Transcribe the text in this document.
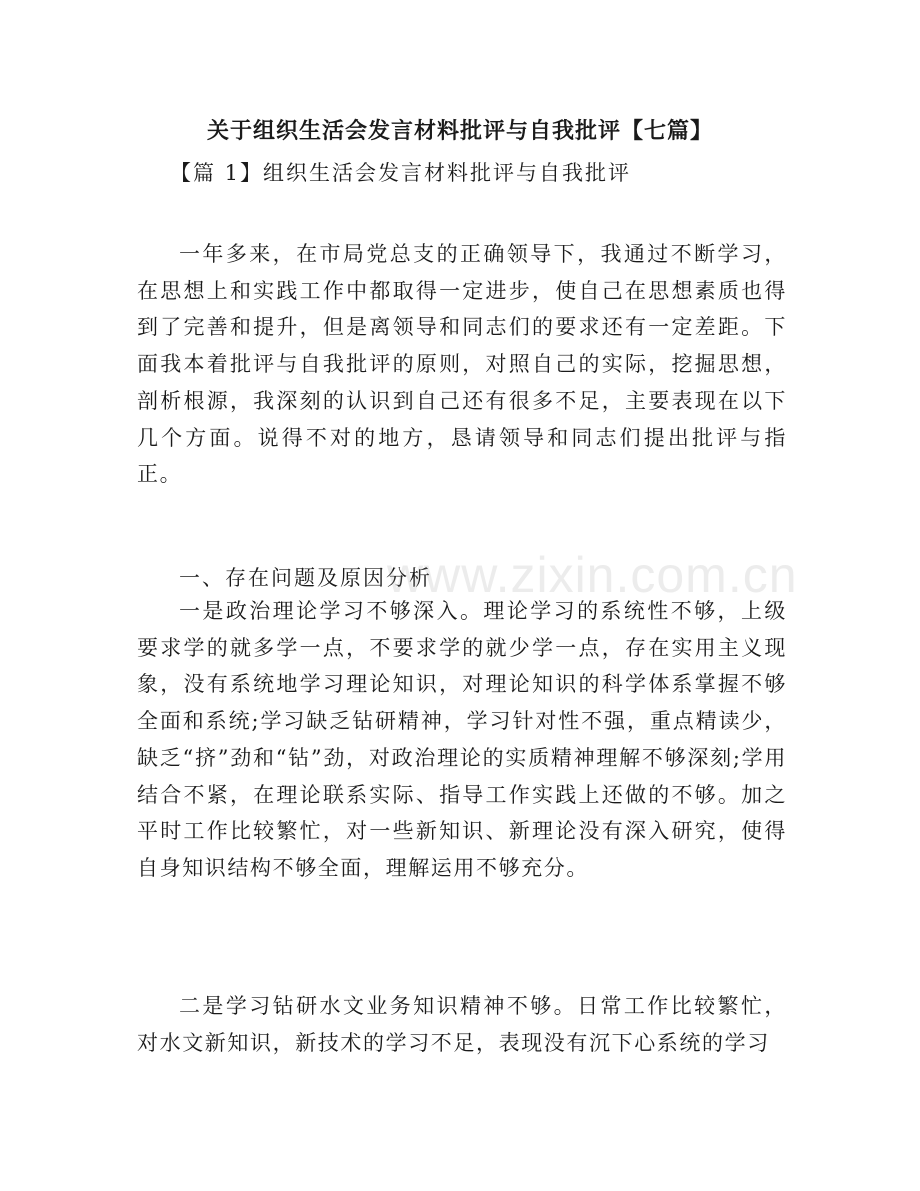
关于组织生活会发言材料批评与自我批评【七篇】

【篇 1】组织生活会发言材料批评与自我批评

一年多来，在市局党总支的正确领导下，我通过不断学习，在思想上和实践工作中都取得一定进步，使自己在思想素质也得到了完善和提升，但是离领导和同志们的要求还有一定差距。下面我本着批评与自我批评的原则，对照自己的实际，挖掘思想，剖析根源，我深刻的认识到自己还有很多不足，主要表现在以下几个方面。说得不对的地方，恳请领导和同志们提出批评与指正。

一、存在问题及原因分析

一是政治理论学习不够深入。理论学习的系统性不够，上级要求学的就多学一点，不要求学的就少学一点，存在实用主义现象，没有系统地学习理论知识，对理论知识的科学体系掌握不够全面和系统;学习缺乏钻研精神，学习针对性不强，重点精读少，缺乏“挤”劲和“钻”劲，对政治理论的实质精神理解不够深刻;学用结合不紧，在理论联系实际、指导工作实践上还做的不够。加之平时工作比较繁忙，对一些新知识、新理论没有深入研究，使得自身知识结构不够全面，理解运用不够充分。

二是学习钻研水文业务知识精神不够。日常工作比较繁忙，对水文新知识，新技术的学习不足，表现没有沉下心系统的学习

www.zixin.com.cn
